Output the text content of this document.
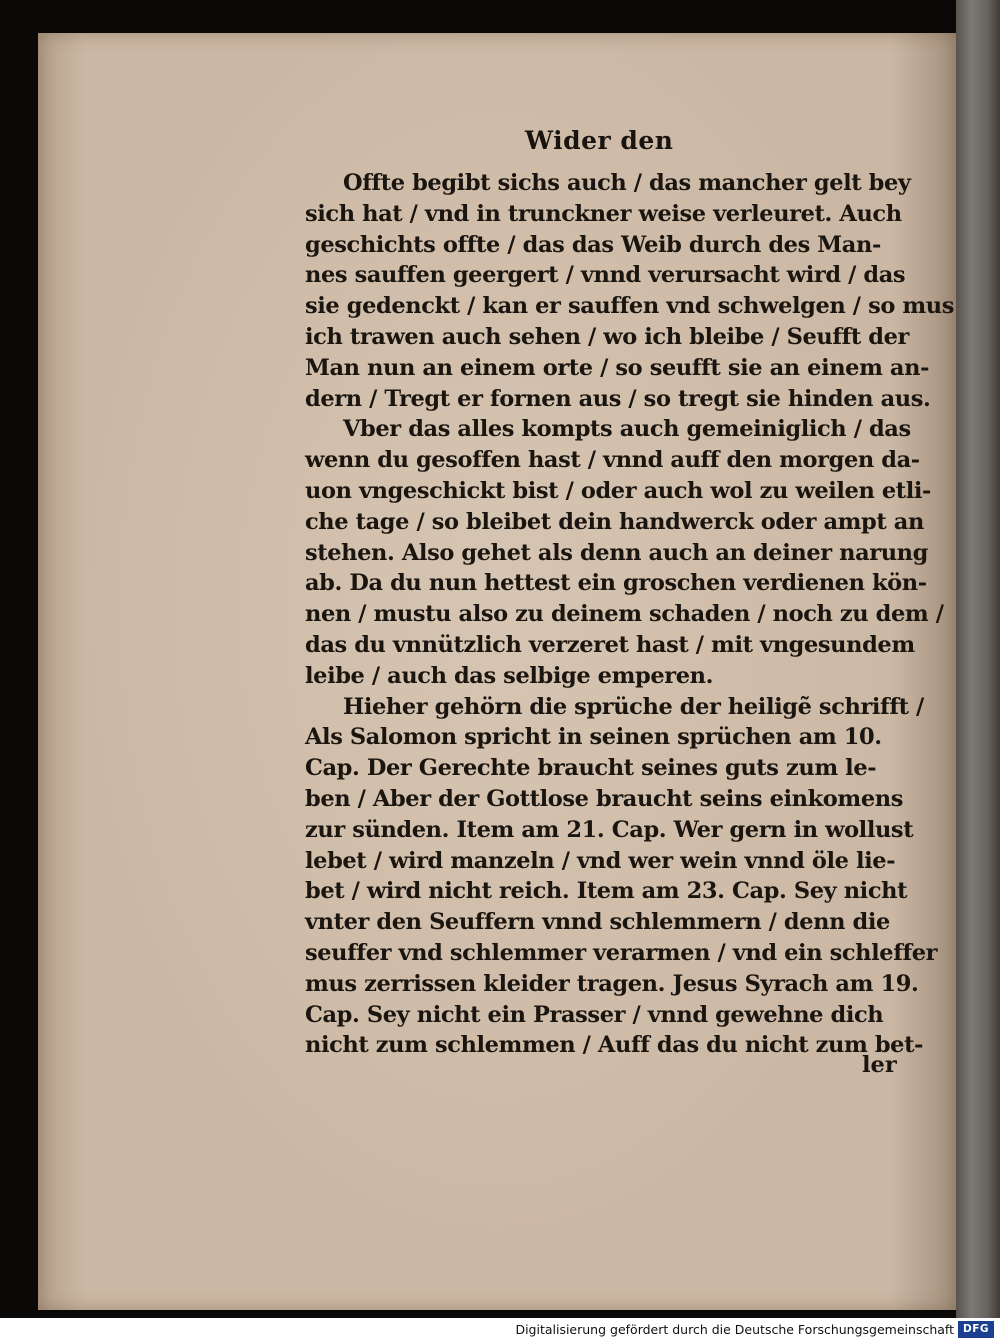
Wider den
Offte begibt sichs auch / das mancher gelt bey
sich hat / vnd in trunckner weise verleuret. Auch
geschichts offte / das das Weib durch des Man-
nes sauffen geergert / vnnd verursacht wird / das
sie gedenckt / kan er sauffen vnd schwelgen / so mus
ich trawen auch sehen / wo ich bleibe / Seufft der
Man nun an einem orte / so seufft sie an einem an-
dern / Tregt er fornen aus / so tregt sie hinden aus.
Vber das alles kompts auch gemeiniglich / das
wenn du gesoffen hast / vnnd auff den morgen da-
uon vngeschickt bist / oder auch wol zu weilen etli-
che tage / so bleibet dein handwerck oder ampt an
stehen. Also gehet als denn auch an deiner narung
ab. Da du nun hettest ein groschen verdienen kön-
nen / mustu also zu deinem schaden / noch zu dem /
das du vnnützlich verzeret hast / mit vngesundem
leibe / auch das selbige emperen.
Hieher gehörn die sprüche der heiligẽ schrifft /
Als Salomon spricht in seinen sprüchen am 10.
Cap. Der Gerechte braucht seines guts zum le-
ben / Aber der Gottlose braucht seins einkomens
zur sünden. Item am 21. Cap. Wer gern in wollust
lebet / wird manzeln / vnd wer wein vnnd öle lie-
bet / wird nicht reich. Item am 23. Cap. Sey nicht
vnter den Seuffern vnnd schlemmern / denn die
seuffer vnd schlemmer verarmen / vnd ein schleffer
mus zerrissen kleider tragen. Jesus Syrach am 19.
Cap. Sey nicht ein Prasser / vnnd gewehne dich
nicht zum schlemmen / Auff das du nicht zum bet-
ler
Digitalisierung gefördert durch die Deutsche Forschungsgemeinschaft DFG
